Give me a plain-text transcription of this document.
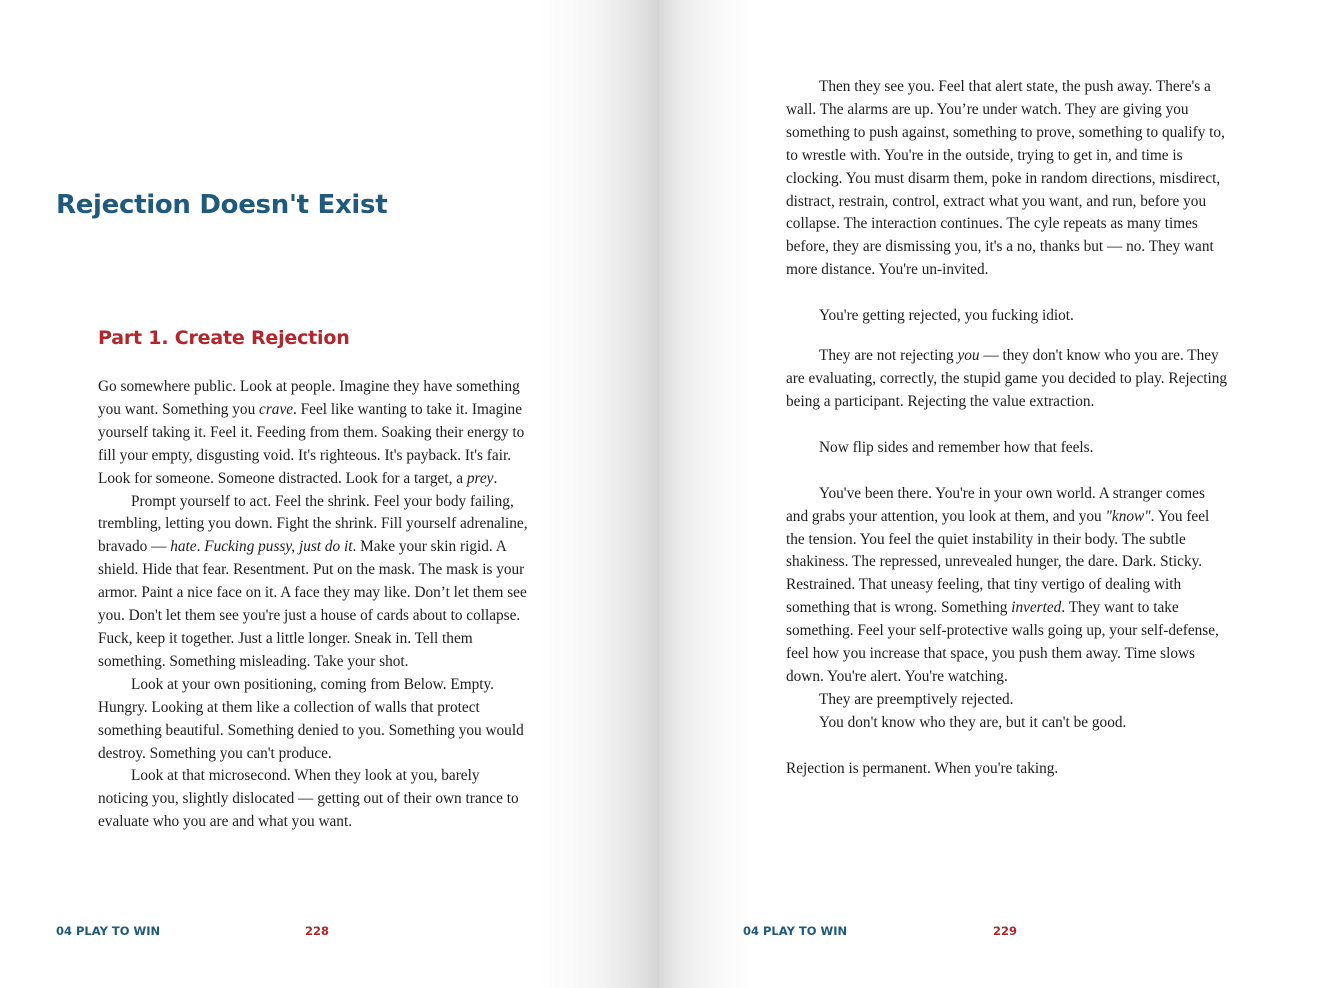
Rejection Doesn't Exist
Part 1. Create Rejection

Go somewhere public. Look at people. Imagine they have something you want. Something you crave. Feel like wanting to take it. Imagine yourself taking it. Feel it. Feeding from them. Soaking their energy to fill your empty, disgusting void. It's righteous. It's payback. It's fair. Look for someone. Someone distracted. Look for a target, a prey.

Prompt yourself to act. Feel the shrink. Feel your body failing, trembling, letting you down. Fight the shrink. Fill yourself adrenaline, bravado — hate. Fucking pussy, just do it. Make your skin rigid. A shield. Hide that fear. Resentment. Put on the mask. The mask is your armor. Paint a nice face on it. A face they may like. Don’t let them see you. Don't let them see you're just a house of cards about to collapse. Fuck, keep it together. Just a little longer. Sneak in. Tell them something. Something misleading. Take your shot.

Look at your own positioning, coming from Below. Empty. Hungry. Looking at them like a collection of walls that protect something beautiful. Something denied to you. Something you would destroy. Something you can't produce.

Look at that microsecond. When they look at you, barely noticing you, slightly dislocated — getting out of their own trance to evaluate who you are and what you want.

04 PLAY TO WIN	228

Then they see you. Feel that alert state, the push away. There's a wall. The alarms are up. You’re under watch. They are giving you something to push against, something to prove, something to qualify to, to wrestle with. You're in the outside, trying to get in, and time is clocking. You must disarm them, poke in random directions, misdirect, distract, restrain, control, extract what you want, and run, before you collapse. The interaction continues. The cyle repeats as many times before, they are dismissing you, it's a no, thanks but — no. They want more distance. You're un-invited.

You're getting rejected, you fucking idiot.

They are not rejecting you — they don't know who you are. They are evaluating, correctly, the stupid game you decided to play. Rejecting being a participant. Rejecting the value extraction.

Now flip sides and remember how that feels.

You've been there. You're in your own world. A stranger comes and grabs your attention, you look at them, and you "know". You feel the tension. You feel the quiet instability in their body. The subtle shakiness. The repressed, unrevealed hunger, the dare. Dark. Sticky. Restrained. That uneasy feeling, that tiny vertigo of dealing with something that is wrong. Something inverted. They want to take something. Feel your self-protective walls going up, your self-defense, feel how you increase that space, you push them away. Time slows down. You're alert. You're watching.

They are preemptively rejected.

You don't know who they are, but it can't be good.

Rejection is permanent. When you're taking.

04 PLAY TO WIN	229
